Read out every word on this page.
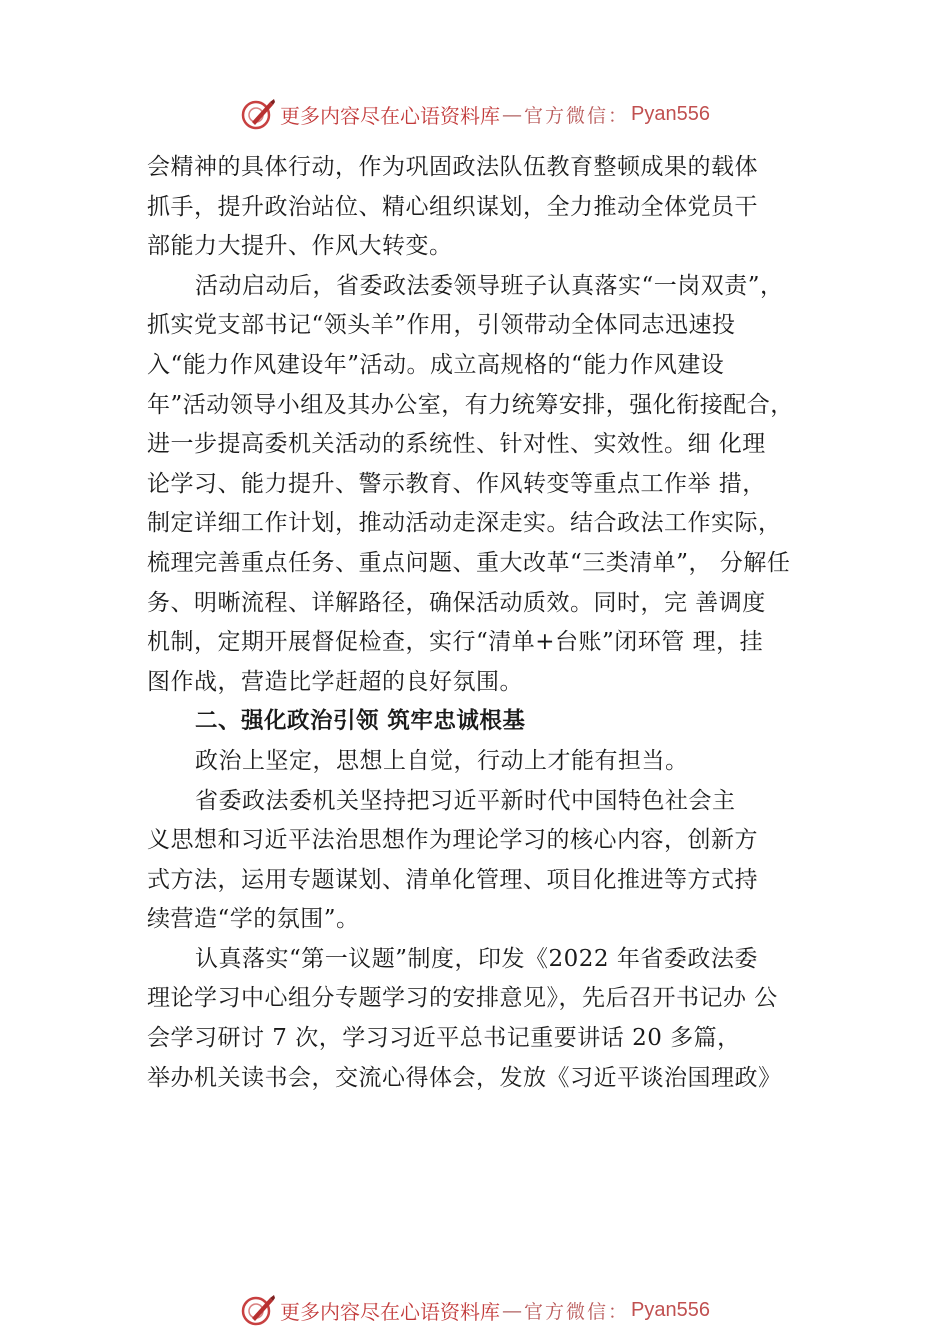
更多内容尽在心语资料库 — 官方微信： Pyan556
会精神的具体行动，作为巩固政法队伍教育整顿成果的载体
抓手，提升政治站位、精心组织谋划，全力推动全体党员干
部能力大提升、作风大转变。
活动启动后，省委政法委领导班子认真落实“一岗双责”，
抓实党支部书记“领头羊”作用，引领带动全体同志迅速投
入“能力作风建设年”活动。成立高规格的“能力作风建设
年”活动领导小组及其办公室，有力统筹安排，强化衔接配合，
进一步提高委机关活动的系统性、针对性、实效性。细 化理
论学习、能力提升、警示教育、作风转变等重点工作举 措，
制定详细工作计划，推动活动走深走实。结合政法工作实际，
梳理完善重点任务、重点问题、重大改革“三类清单”， 分解任
务、明晰流程、详解路径，确保活动质效。同时，完 善调度
机制，定期开展督促检查，实行“清单+台账”闭环管 理，挂
图作战，营造比学赶超的良好氛围。
二、强化政治引领 筑牢忠诚根基
政治上坚定，思想上自觉，行动上才能有担当。
省委政法委机关坚持把习近平新时代中国特色社会主
义思想和习近平法治思想作为理论学习的核心内容，创新方
式方法，运用专题谋划、清单化管理、项目化推进等方式持
续营造“学的氛围”。
认真落实“第一议题”制度，印发《2022 年省委政法委
理论学习中心组分专题学习的安排意见》，先后召开书记办 公
会学习研讨 7 次，学习习近平总书记重要讲话 20 多篇，
举办机关读书会，交流心得体会，发放《习近平谈治国理政》
更多内容尽在心语资料库 — 官方微信： Pyan556
